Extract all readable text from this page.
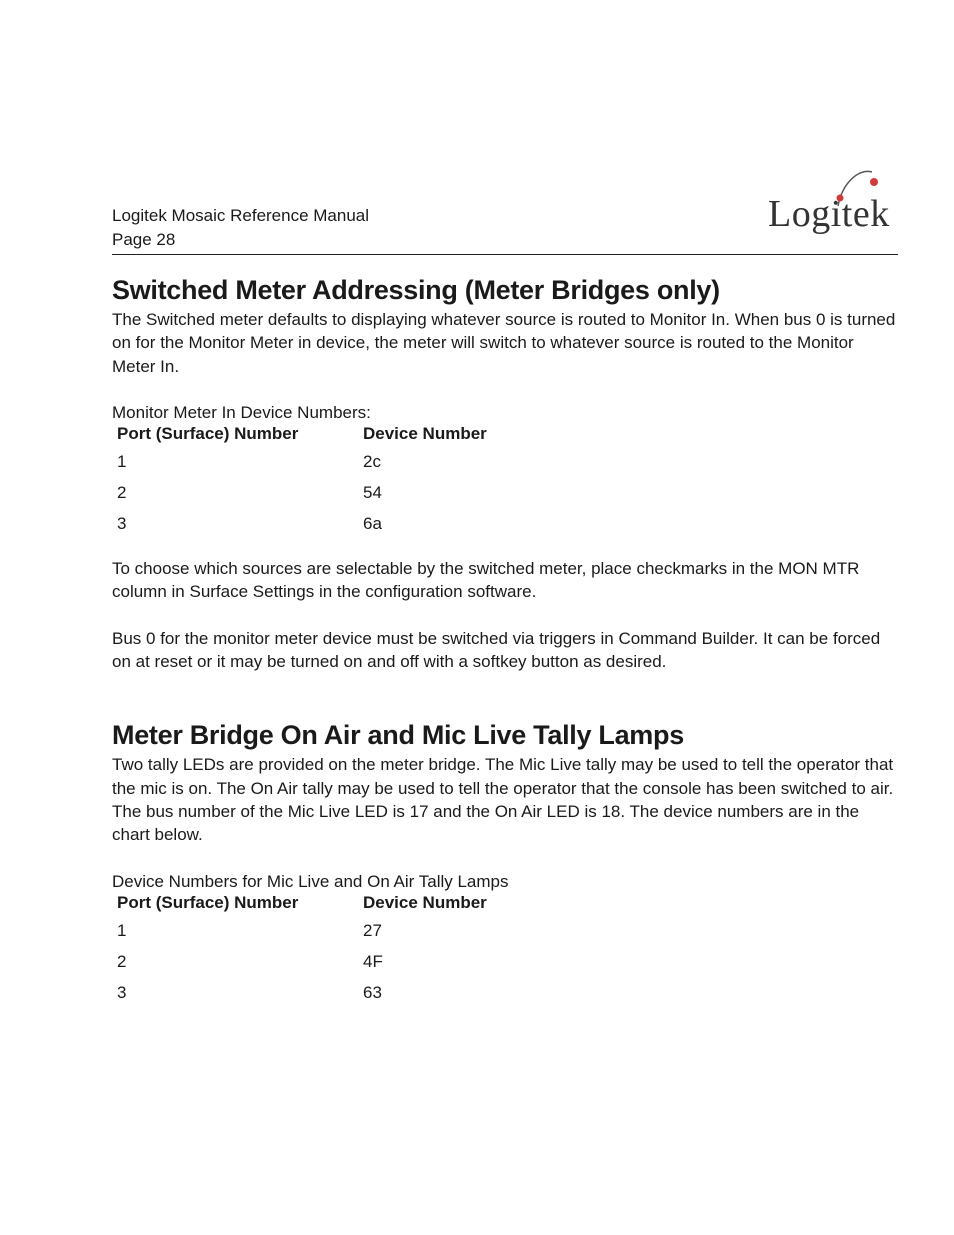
Logitek Mosaic Reference Manual
Page 28
Logitek
Switched Meter Addressing (Meter Bridges only)

The Switched meter defaults to displaying whatever source is routed to Monitor In. When bus 0 is turned on for the Monitor Meter in device, the meter will switch to whatever source is routed to the Monitor Meter In.

Monitor Meter In Device Numbers:

Port (Surface) Number	Device Number
1	2c
2	54
3	6a

To choose which sources are selectable by the switched meter, place checkmarks in the MON MTR column in Surface Settings in the configuration software.

Bus 0 for the monitor meter device must be switched via triggers in Command Builder. It can be forced on at reset or it may be turned on and off with a softkey button as desired.

Meter Bridge On Air and Mic Live Tally Lamps

Two tally LEDs are provided on the meter bridge. The Mic Live tally may be used to tell the operator that the mic is on. The On Air tally may be used to tell the operator that the console has been switched to air. The bus number of the Mic Live LED is 17 and the On Air LED is 18. The device numbers are in the chart below.

Device Numbers for Mic Live and On Air Tally Lamps

Port (Surface) Number	Device Number
1	27
2	4F
3	63
